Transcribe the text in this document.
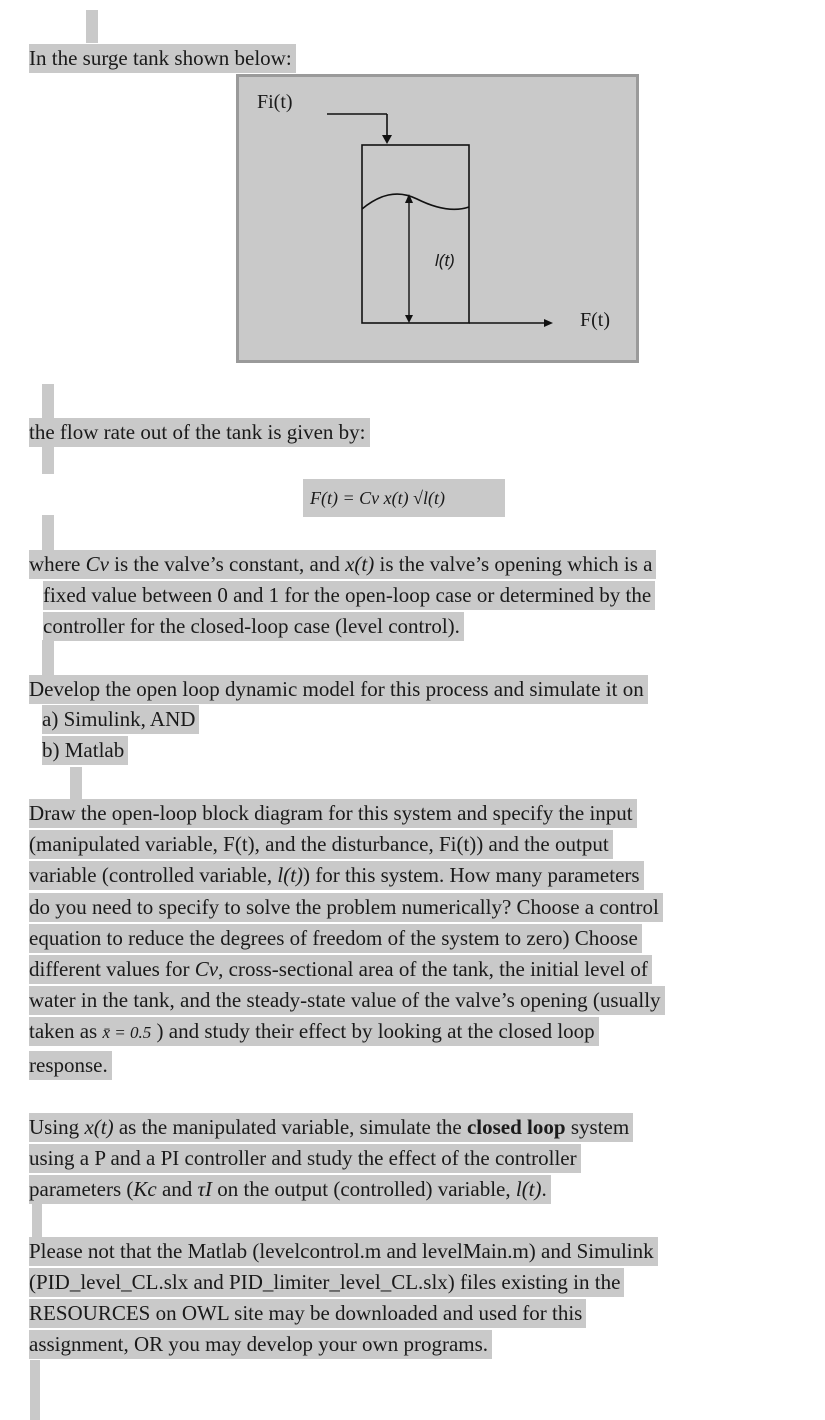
In the surge tank shown below:
Fi(t)
l(t)
F(t)
the flow rate out of the tank is given by:
F(t) = Cv x(t) √l(t)
where Cv is the valve’s constant, and x(t) is the valve’s opening which is a
fixed value between 0 and 1 for the open-loop case or determined by the
controller for the closed-loop case (level control).
Develop the open loop dynamic model for this process and simulate it on
a) Simulink, AND
b) Matlab
Draw the open-loop block diagram for this system and specify the input
(manipulated variable, F(t), and the disturbance, Fi(t)) and the output
variable (controlled variable, l(t)) for this system. How many parameters
do you need to specify to solve the problem numerically? Choose a control
equation to reduce the degrees of freedom of the system to zero) Choose
different values for Cv, cross-sectional area of the tank, the initial level of
water in the tank, and the steady-state value of the valve’s opening (usually
taken as x̄ = 0.5 ) and study their effect by looking at the closed loop
response.
Using x(t) as the manipulated variable, simulate the closed loop system
using a P and a PI controller and study the effect of the controller
parameters (Kc and τI on the output (controlled) variable, l(t).
Please not that the Matlab (levelcontrol.m and levelMain.m) and Simulink
(PID_level_CL.slx and PID_limiter_level_CL.slx) files existing in the
RESOURCES on OWL site may be downloaded and used for this
assignment, OR you may develop your own programs.
